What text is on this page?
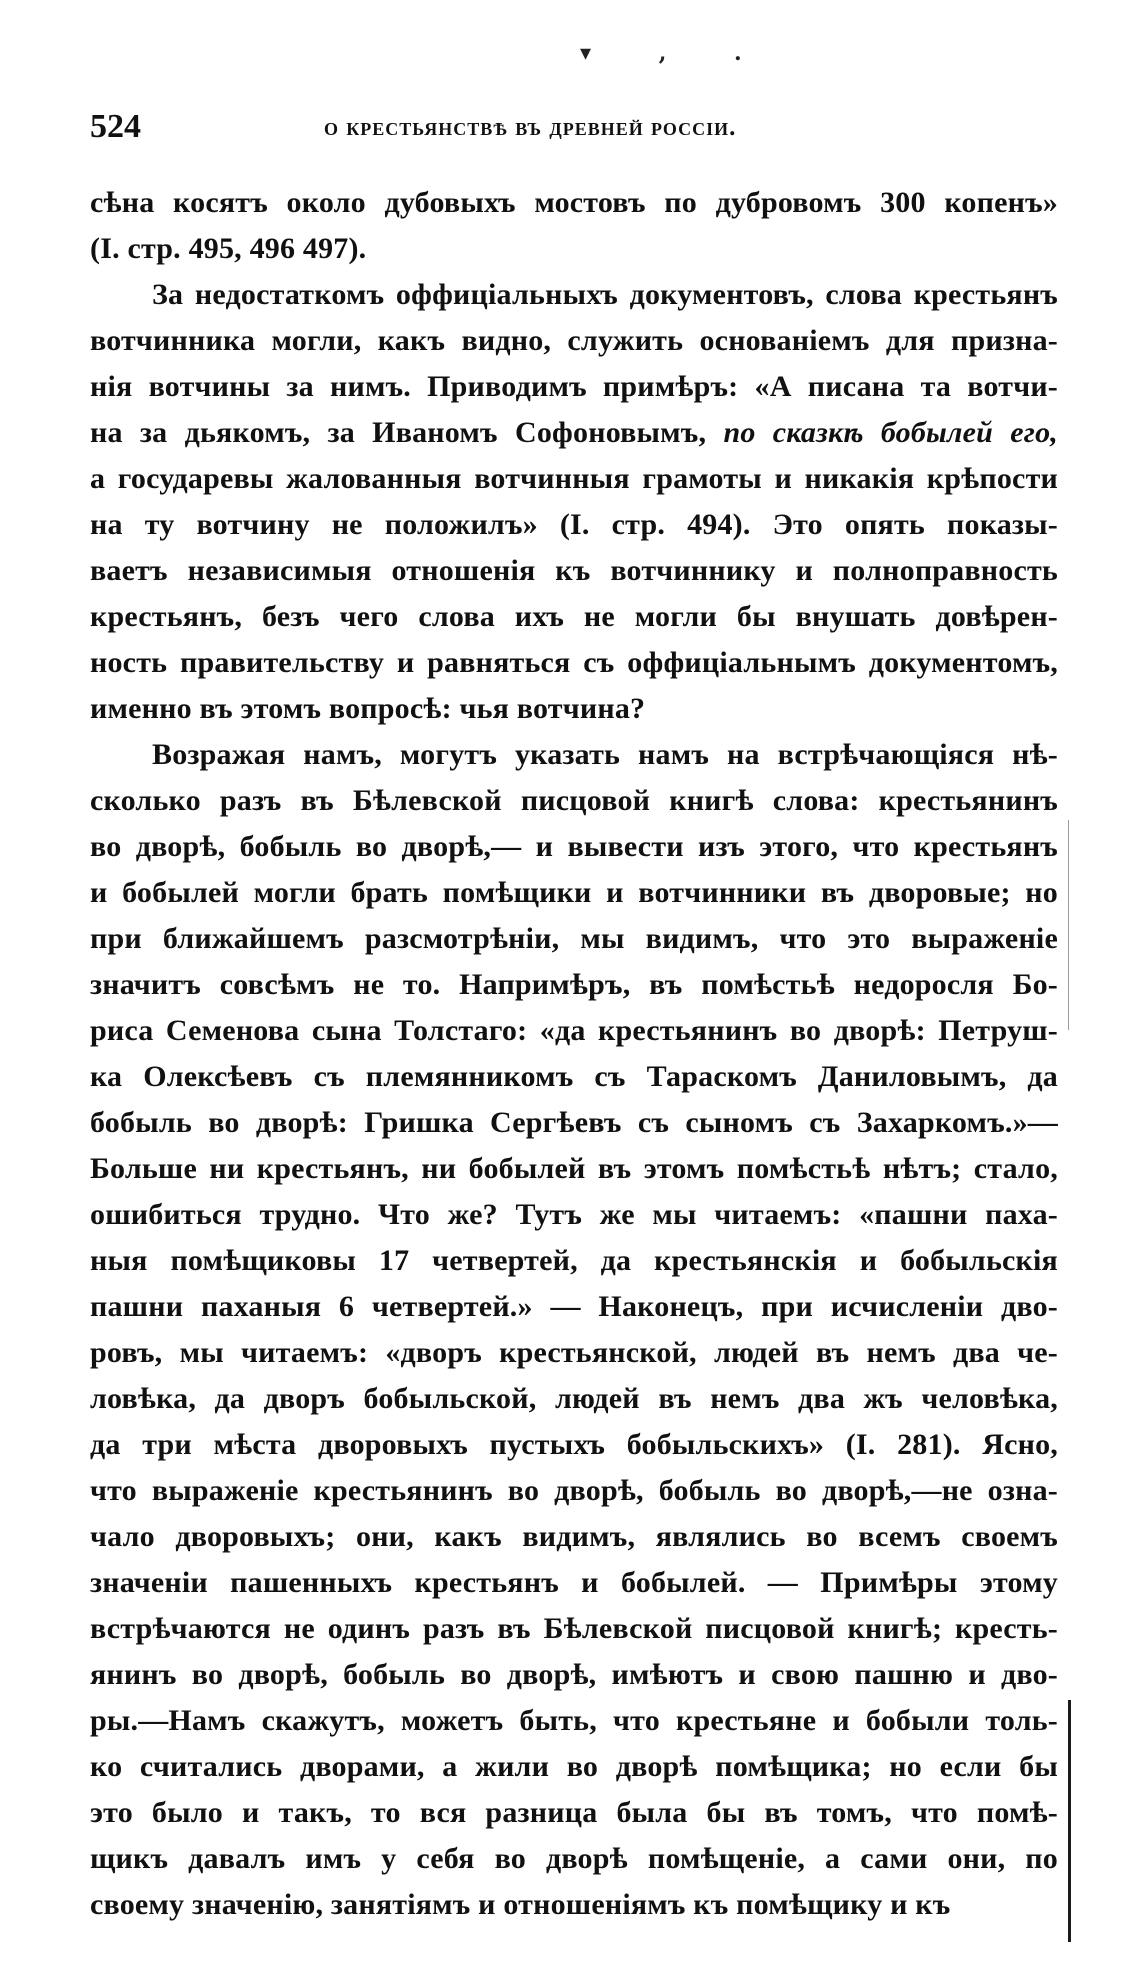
▾ , .
524	о крестьянствѣ въ древней россіи.
сѣна косятъ около дубовыхъ мостовъ по дубровомъ 300 копенъ»
(I. стр. 495, 496 497).
За недостаткомъ оффиціальныхъ документовъ, слова крестьянъ
вотчинника могли, какъ видно, служить основаніемъ для призна-
нія вотчины за нимъ. Приводимъ примѣръ: «А писана та вотчи-
на за дьякомъ, за Иваномъ Софоновымъ, по сказкѣ бобылей его,
а государевы жалованныя вотчинныя грамоты и никакія крѣпости
на ту вотчину не положилъ» (I. стр. 494). Это опять показы-
ваетъ независимыя отношенія къ вотчиннику и полноправность
крестьянъ, безъ чего слова ихъ не могли бы внушать довѣрен-
ность правительству и равняться съ оффиціальнымъ документомъ,
именно въ этомъ вопросѣ: чья вотчина?
Возражая намъ, могутъ указать намъ на встрѣчающіяся нѣ-
сколько разъ въ Бѣлевской писцовой книгѣ слова: крестьянинъ
во дворѣ, бобыль во дворѣ,— и вывести изъ этого, что крестьянъ
и бобылей могли брать помѣщики и вотчинники въ дворовые; но
при ближайшемъ разсмотрѣніи, мы видимъ, что это выраженіе
значитъ совсѣмъ не то. Напримѣръ, въ помѣстьѣ недоросля Бо-
риса Семенова сына Толстаго: «да крестьянинъ во дворѣ: Петруш-
ка Олексѣевъ съ племянникомъ съ Тараскомъ Даниловымъ, да
бобыль во дворѣ: Гришка Сергѣевъ съ сыномъ съ Захаркомъ.»—
Больше ни крестьянъ, ни бобылей въ этомъ помѣстьѣ нѣтъ; стало,
ошибиться трудно. Что же? Тутъ же мы читаемъ: «пашни паха-
ныя помѣщиковы 17 четвертей, да крестьянскія и бобыльскія
пашни паханыя 6 четвертей.» — Наконецъ, при исчисленіи дво-
ровъ, мы читаемъ: «дворъ крестьянской, людей въ немъ два че-
ловѣка, да дворъ бобыльской, людей въ немъ два жъ человѣка,
да три мѣста дворовыхъ пустыхъ бобыльскихъ» (I. 281). Ясно,
что выраженіе крестьянинъ во дворѣ, бобыль во дворѣ,—не озна-
чало дворовыхъ; они, какъ видимъ, являлись во всемъ своемъ
значеніи пашенныхъ крестьянъ и бобылей. — Примѣры этому
встрѣчаются не одинъ разъ въ Бѣлевской писцовой книгѣ; кресть-
янинъ во дворѣ, бобыль во дворѣ, имѣютъ и свою пашню и дво-
ры.—Намъ скажутъ, можетъ быть, что крестьяне и бобыли толь-
ко считались дворами, а жили во дворѣ помѣщика; но если бы
это было и такъ, то вся разница была бы въ томъ, что помѣ-
щикъ давалъ имъ у себя во дворѣ помѣщеніе, а сами они, по
своему значенію, занятіямъ и отношеніямъ къ помѣщику и къ
